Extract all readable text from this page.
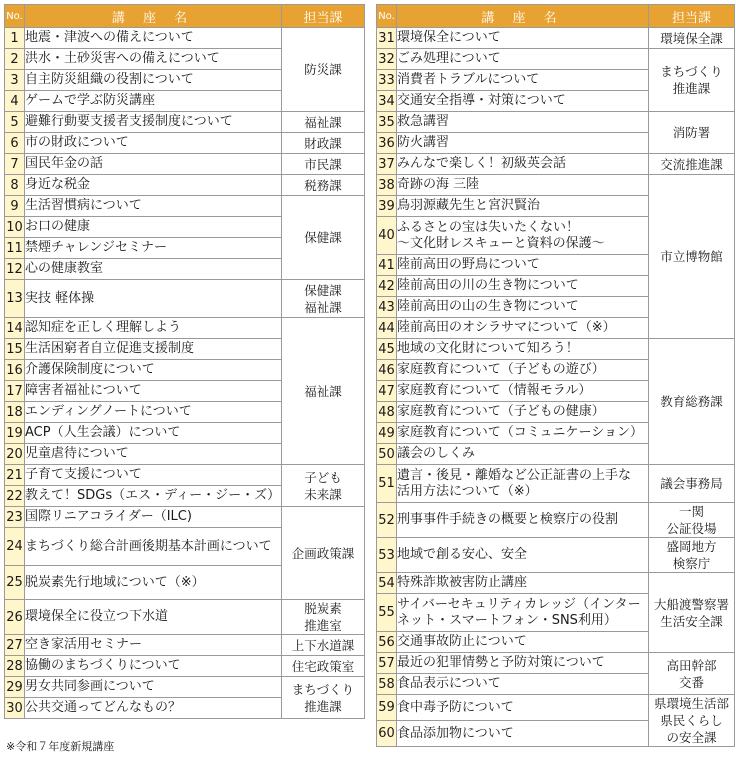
No.	講 座 名	担当課
1	地震・津波への備えについて	防災課

2	洪水・土砂災害への備えについて	

3	自主防災組織の役割について	

4	ゲームで学ぶ防災講座	

5	避難行動要支援者支援制度について	福祉課

6	市の財政について	財政課

7	国民年金の話	市民課

8	身近な税金	税務課

9	生活習慣病について	保健課

10	お口の健康	

11	禁煙チャレンジセミナー	

12	心の健康教室	

13	実技 軽体操	保健課
福祉課

14	認知症を正しく理解しよう	福祉課

15	生活困窮者自立促進支援制度	

16	介護保険制度について	

17	障害者福祉について	

18	エンディングノートについて	

19	ACP（人生会議）について	

20	児童虐待について	

21	子育て支援について	子ども
未来課

22	教えて！SDGs（エス・ディー・ジー・ズ）	

23	国際リニアコライダー（ILC)	企画政策課

24	まちづくり総合計画後期基本計画について	

25	脱炭素先行地域について（※）	

26	環境保全に役立つ下水道	脱炭素
推進室

27	空き家活用セミナー	上下水道課

28	協働のまちづくりについて	住宅政策室

29	男女共同参画について	まちづくり
推進課

30	公共交通ってどんなもの？	
No.	講 座 名	担当課
31	環境保全について	環境保全課

32	ごみ処理について	まちづくり
推進課

33	消費者トラブルについて	

34	交通安全指導・対策について	

35	救急講習	消防署

36	防火講習	

37	みんなで楽しく！初級英会話	交流推進課

38	奇跡の海 三陸	市立博物館

39	鳥羽源藏先生と宮沢賢治	

40	ふるさとの宝は失いたくない！
〜文化財レスキューと資料の保護〜	

41	陸前高田の野鳥について	

42	陸前高田の川の生き物について	

43	陸前高田の山の生き物について	

44	陸前高田のオシラサマについて（※）	

45	地域の文化財について知ろう！	教育総務課

46	家庭教育について（子どもの遊び）	

47	家庭教育について（情報モラル）	

48	家庭教育について（子どもの健康）	

49	家庭教育について（コミュニケーション）	

50	議会のしくみ	

51	遺言・後見・離婚など公正証書の上手な
活用方法について（※）	議会事務局

52	刑事事件手続きの概要と検察庁の役割	一関
公証役場

53	地域で創る安心、安全	盛岡地方
検察庁

54	特殊詐欺被害防止講座	大船渡警察署
生活安全課

55	サイバーセキュリティカレッジ（インター
ネット・スマートフォン・SNS利用）	

56	交通事故防止について	

57	最近の犯罪情勢と予防対策について	高田幹部
交番

58	食品表示について	

59	食中毒予防について	県環境生活部
県民くらし
の安全課

60	食品添加物について	
※令和７年度新規講座
